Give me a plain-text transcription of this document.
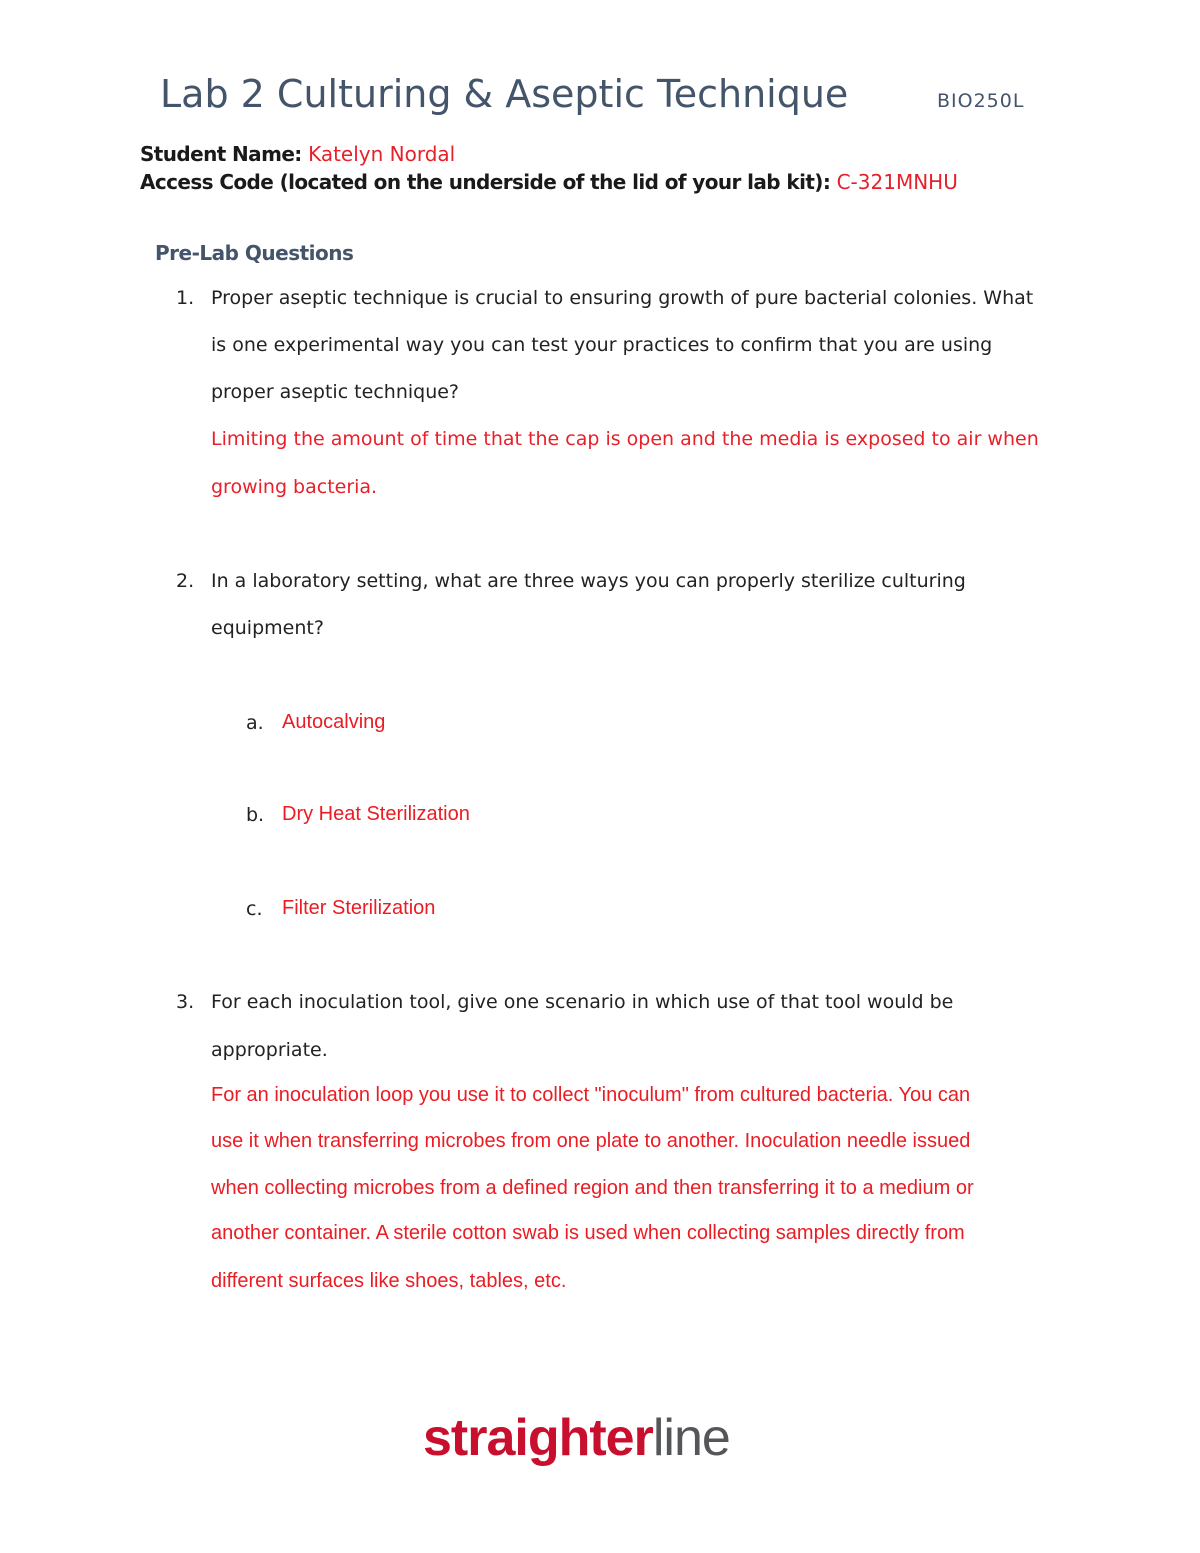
Lab 2 Culturing & Aseptic Technique	BIO250L
Student Name: Katelyn Nordal
Access Code (located on the underside of the lid of your lab kit): C-321MNHU
Pre-Lab Questions
1. Proper aseptic technique is crucial to ensuring growth of pure bacterial colonies. What
is one experimental way you can test your practices to confirm that you are using
proper aseptic technique?
Limiting the amount of time that the cap is open and the media is exposed to air when
growing bacteria.
2. In a laboratory setting, what are three ways you can properly sterilize culturing
equipment?
a. Autocalving
b. Dry Heat Sterilization
c. Filter Sterilization
3. For each inoculation tool, give one scenario in which use of that tool would be
appropriate.
For an inoculation loop you use it to collect "inoculum" from cultured bacteria. You can
use it when transferring microbes from one plate to another. Inoculation needle issued
when collecting microbes from a defined region and then transferring it to a medium or
another container. A sterile cotton swab is used when collecting samples directly from
different surfaces like shoes, tables, etc.
straighterline
